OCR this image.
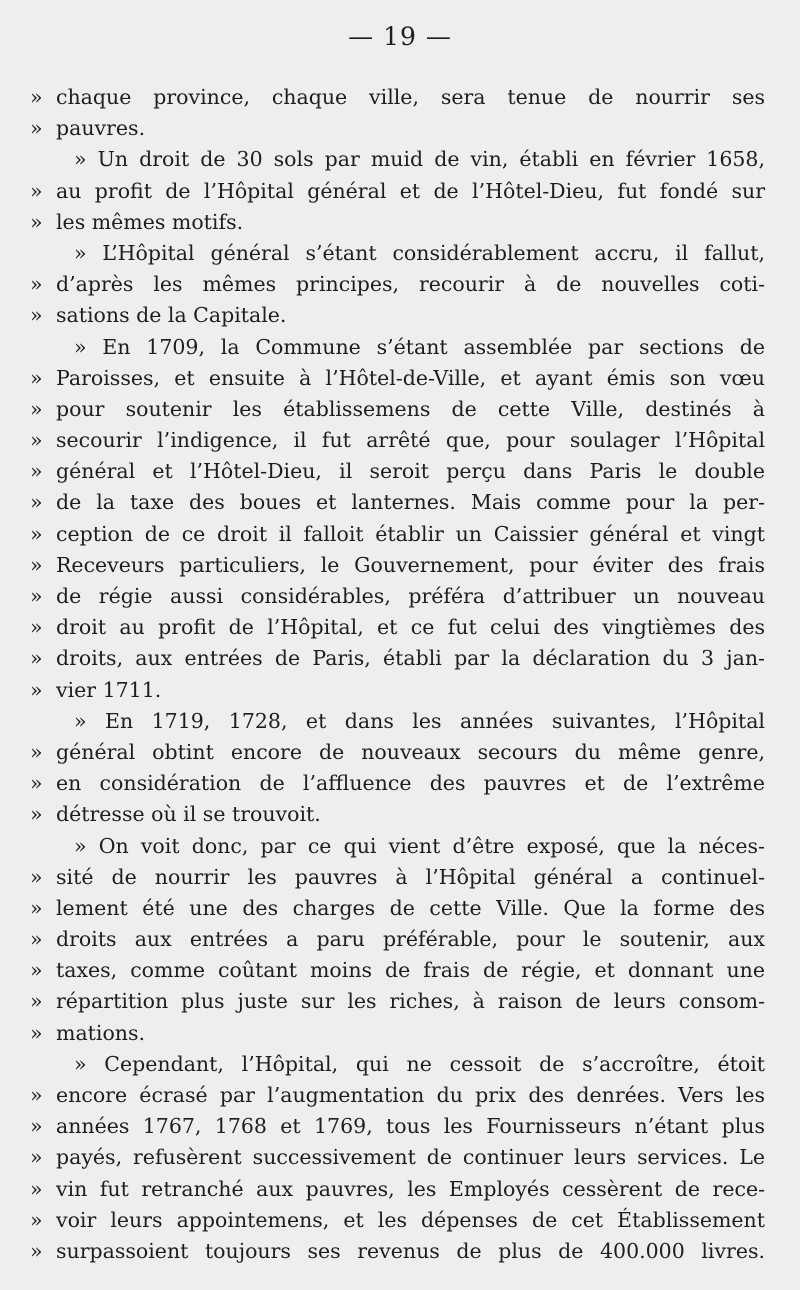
— 19 —
» chaque province, chaque ville, sera tenue de nourrir ses
» pauvres.
» Un droit de 30 sols par muid de vin, établi en février 1658,
» au profit de l’Hôpital général et de l’Hôtel-Dieu, fut fondé sur
» les mêmes motifs.
» L’Hôpital général s’étant considérablement accru, il fallut,
» d’après les mêmes principes, recourir à de nouvelles coti-
» sations de la Capitale.
» En 1709, la Commune s’étant assemblée par sections de
» Paroisses, et ensuite à l’Hôtel-de-Ville, et ayant émis son vœu
» pour soutenir les établissemens de cette Ville, destinés à
» secourir l’indigence, il fut arrêté que, pour soulager l’Hôpital
» général et l’Hôtel-Dieu, il seroit perçu dans Paris le double
» de la taxe des boues et lanternes. Mais comme pour la per-
» ception de ce droit il falloit établir un Caissier général et vingt
» Receveurs particuliers, le Gouvernement, pour éviter des frais
» de régie aussi considérables, préféra d’attribuer un nouveau
» droit au profit de l’Hôpital, et ce fut celui des vingtièmes des
» droits, aux entrées de Paris, établi par la déclaration du 3 jan-
» vier 1711.
» En 1719, 1728, et dans les années suivantes, l’Hôpital
» général obtint encore de nouveaux secours du même genre,
» en considération de l’affluence des pauvres et de l’extrême
» détresse où il se trouvoit.
» On voit donc, par ce qui vient d’être exposé, que la néces-
» sité de nourrir les pauvres à l’Hôpital général a continuel-
» lement été une des charges de cette Ville. Que la forme des
» droits aux entrées a paru préférable, pour le soutenir, aux
» taxes, comme coûtant moins de frais de régie, et donnant une
» répartition plus juste sur les riches, à raison de leurs consom-
» mations.
» Cependant, l’Hôpital, qui ne cessoit de s’accroître, étoit
» encore écrasé par l’augmentation du prix des denrées. Vers les
» années 1767, 1768 et 1769, tous les Fournisseurs n’étant plus
» payés, refusèrent successivement de continuer leurs services. Le
» vin fut retranché aux pauvres, les Employés cessèrent de rece-
» voir leurs appointemens, et les dépenses de cet Établissement
» surpassoient toujours ses revenus de plus de 400.000 livres.
